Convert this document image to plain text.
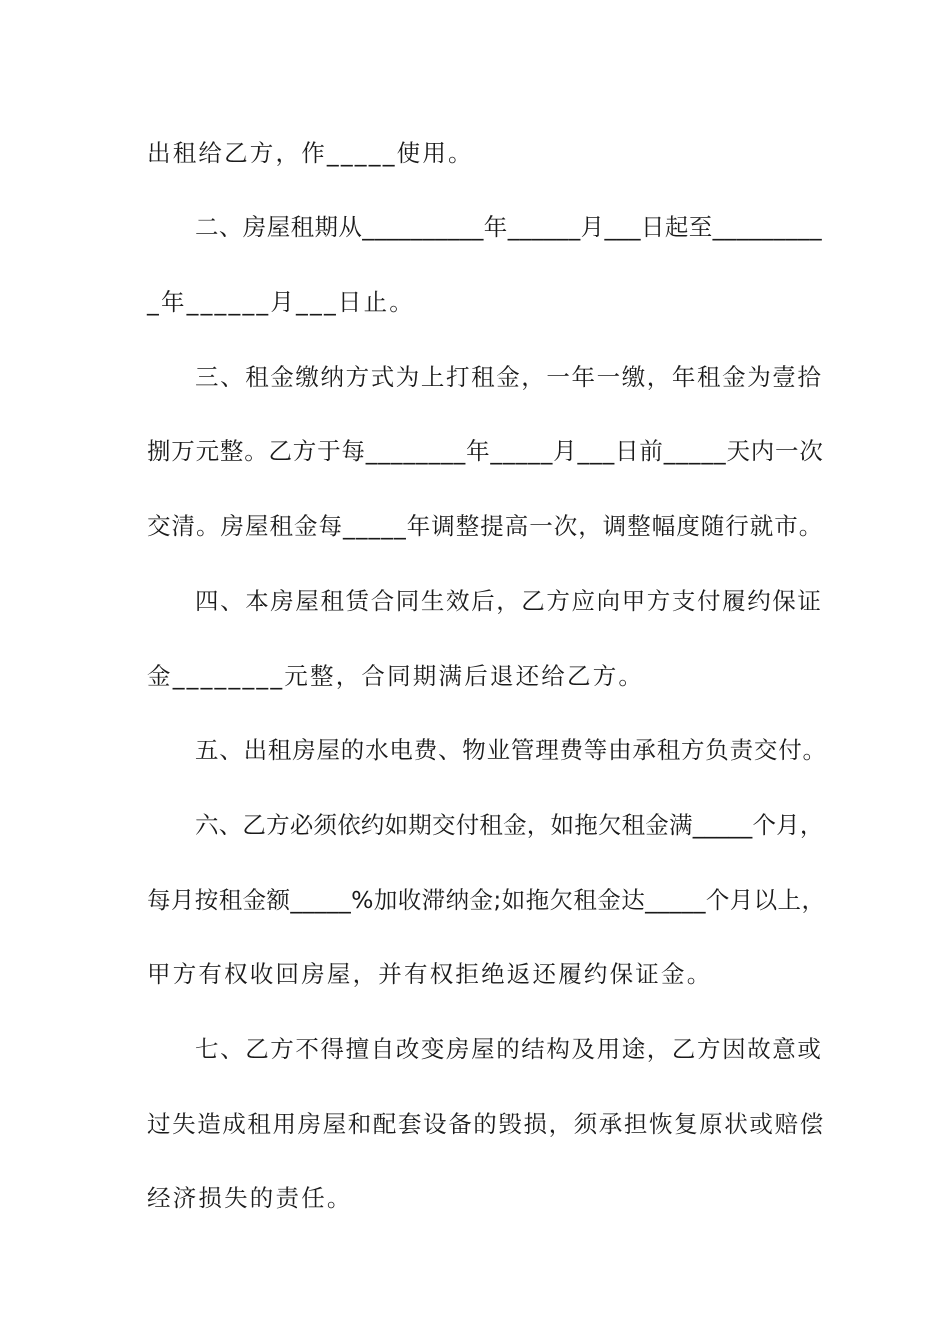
出租给乙方，作_____使用。
二、房屋租期从__________年______月___日起至_________
_年______月___日止。
三、租金缴纳方式为上打租金，一年一缴，年租金为壹拾
捌万元整。乙方于每________年_____月___日前_____天内一次
交清。房屋租金每_____年调整提高一次，调整幅度随行就市。
四、本房屋租赁合同生效后，乙方应向甲方支付履约保证
金________元整，合同期满后退还给乙方。
五、出租房屋的水电费、物业管理费等由承租方负责交付。
六、乙方必须依约如期交付租金，如拖欠租金满_____个月，
每月按租金额_____%加收滞纳金;如拖欠租金达_____个月以上，
甲方有权收回房屋，并有权拒绝返还履约保证金。
七、乙方不得擅自改变房屋的结构及用途，乙方因故意或
过失造成租用房屋和配套设备的毁损，须承担恢复原状或赔偿
经济损失的责任。
